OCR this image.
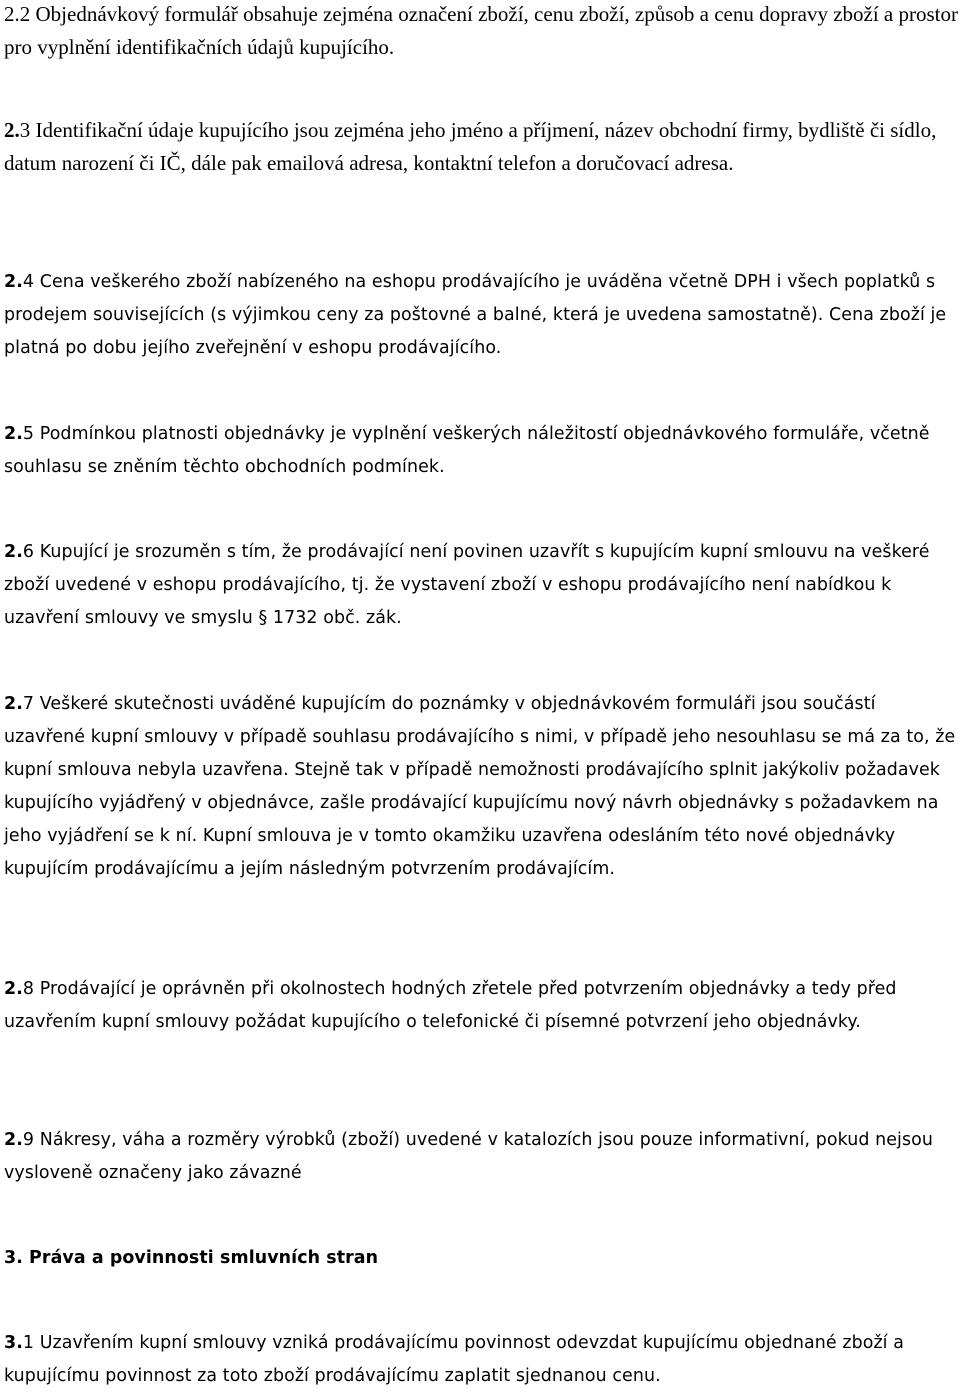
2.2 Objednávkový formulář obsahuje zejména označení zboží, cenu zboží, způsob a cenu dopravy zboží a prostor pro vyplnění identifikačních údajů kupujícího.

2.3 Identifikační údaje kupujícího jsou zejména jeho jméno a příjmení, název obchodní firmy, bydliště či sídlo, datum narození či IČ, dále pak emailová adresa, kontaktní telefon a doručovací adresa.

2.4 Cena veškerého zboží nabízeného na eshopu prodávajícího je uváděna včetně DPH i všech poplatků s prodejem souvisejících (s výjimkou ceny za poštovné a balné, která je uvedena samostatně). Cena zboží je platná po dobu jejího zveřejnění v eshopu prodávajícího.

2.5 Podmínkou platnosti objednávky je vyplnění veškerých náležitostí objednávkového formuláře, včetně souhlasu se zněním těchto obchodních podmínek.

2.6 Kupující je srozuměn s tím, že prodávající není povinen uzavřít s kupujícím kupní smlouvu na veškeré zboží uvedené v eshopu prodávajícího, tj. že vystavení zboží v eshopu prodávajícího není nabídkou k uzavření smlouvy ve smyslu § 1732 obč. zák.

2.7 Veškeré skutečnosti uváděné kupujícím do poznámky v objednávkovém formuláři jsou součástí uzavřené kupní smlouvy v případě souhlasu prodávajícího s nimi, v případě jeho nesouhlasu se má za to, že kupní smlouva nebyla uzavřena. Stejně tak v případě nemožnosti prodávajícího splnit jakýkoliv požadavek kupujícího vyjádřený v objednávce, zašle prodávající kupujícímu nový návrh objednávky s požadavkem na jeho vyjádření se k ní. Kupní smlouva je v tomto okamžiku uzavřena odesláním této nové objednávky kupujícím prodávajícímu a jejím následným potvrzením prodávajícím.

2.8 Prodávající je oprávněn při okolnostech hodných zřetele před potvrzením objednávky a tedy před uzavřením kupní smlouvy požádat kupujícího o telefonické či písemné potvrzení jeho objednávky.

2.9 Nákresy, váha a rozměry výrobků (zboží) uvedené v katalozích jsou pouze informativní, pokud nejsou vysloveně označeny jako závazné

3. Práva a povinnosti smluvních stran

3.1 Uzavřením kupní smlouvy vzniká prodávajícímu povinnost odevzdat kupujícímu objednané zboží a kupujícímu povinnost za toto zboží prodávajícímu zaplatit sjednanou cenu.
